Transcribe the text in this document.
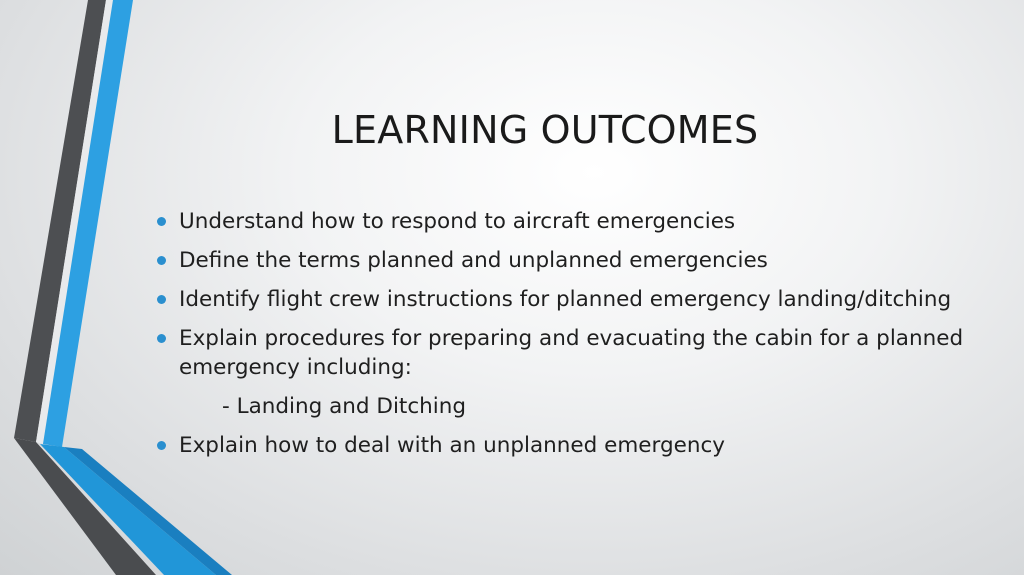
LEARNING OUTCOMES
Understand how to respond to aircraft emergencies
Define the terms planned and unplanned emergencies
Identify flight crew instructions for planned emergency landing/ditching
Explain procedures for preparing and evacuating the cabin for a planned emergency including:
- Landing and Ditching
Explain how to deal with an unplanned emergency
